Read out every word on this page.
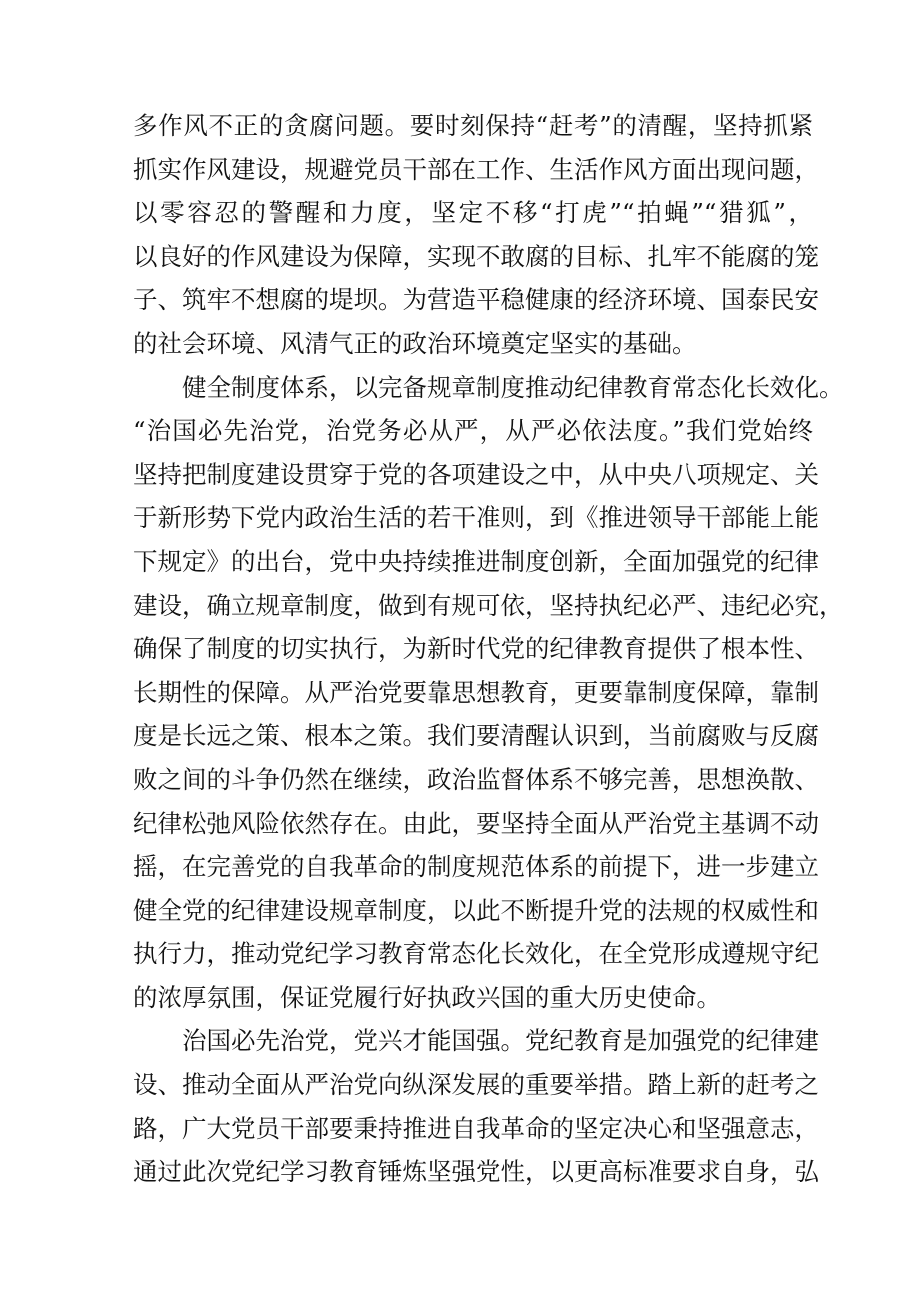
多作风不正的贪腐问题。要时刻保持“赶考”的清醒，坚持抓紧
抓实作风建设，规避党员干部在工作、生活作风方面出现问题，
以零容忍的警醒和力度，坚定不移“打虎”“拍蝇”“猎狐”，
以良好的作风建设为保障，实现不敢腐的目标、扎牢不能腐的笼
子、筑牢不想腐的堤坝。为营造平稳健康的经济环境、国泰民安
的社会环境、风清气正的政治环境奠定坚实的基础。
健全制度体系，以完备规章制度推动纪律教育常态化长效化。
“治国必先治党，治党务必从严，从严必依法度。”我们党始终
坚持把制度建设贯穿于党的各项建设之中，从中央八项规定、关
于新形势下党内政治生活的若干准则，到《推进领导干部能上能
下规定》的出台，党中央持续推进制度创新，全面加强党的纪律
建设，确立规章制度，做到有规可依，坚持执纪必严、违纪必究，
确保了制度的切实执行，为新时代党的纪律教育提供了根本性、
长期性的保障。从严治党要靠思想教育，更要靠制度保障，靠制
度是长远之策、根本之策。我们要清醒认识到，当前腐败与反腐
败之间的斗争仍然在继续，政治监督体系不够完善，思想涣散、
纪律松弛风险依然存在。由此，要坚持全面从严治党主基调不动
摇，在完善党的自我革命的制度规范体系的前提下，进一步建立
健全党的纪律建设规章制度，以此不断提升党的法规的权威性和
执行力，推动党纪学习教育常态化长效化，在全党形成遵规守纪
的浓厚氛围，保证党履行好执政兴国的重大历史使命。
治国必先治党，党兴才能国强。党纪教育是加强党的纪律建
设、推动全面从严治党向纵深发展的重要举措。踏上新的赶考之
路，广大党员干部要秉持推进自我革命的坚定决心和坚强意志，
通过此次党纪学习教育锤炼坚强党性，以更高标准要求自身，弘
